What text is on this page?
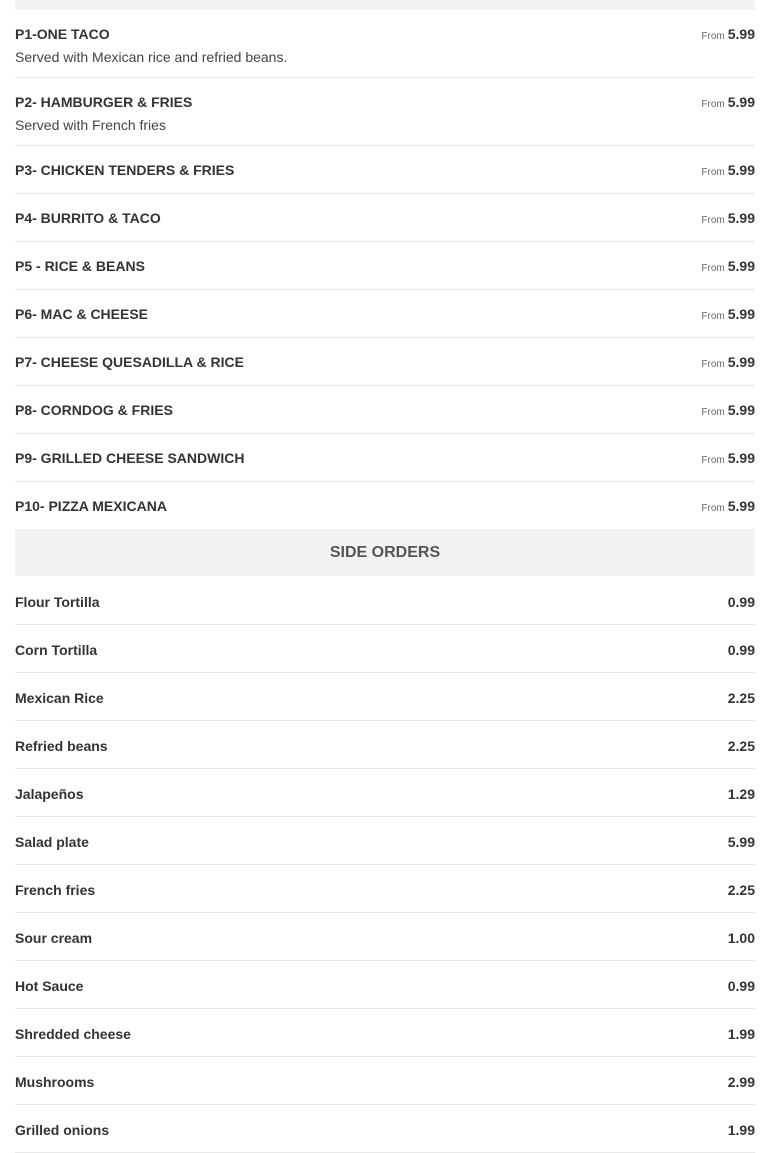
P1-ONE TACO
Served with Mexican rice and refried beans.
From 5.99
P2- HAMBURGER & FRIES
Served with French fries
From 5.99
P3- CHICKEN TENDERS & FRIES	From 5.99
P4- BURRITO & TACO	From 5.99
P5 - RICE & BEANS	From 5.99
P6- MAC & CHEESE	From 5.99
P7- CHEESE QUESADILLA & RICE	From 5.99
P8- CORNDOG & FRIES	From 5.99
P9- GRILLED CHEESE SANDWICH	From 5.99
P10- PIZZA MEXICANA	From 5.99
SIDE ORDERS
Flour Tortilla	0.99
Corn Tortilla	0.99
Mexican Rice	2.25
Refried beans	2.25
Jalapeños	1.29
Salad plate	5.99
French fries	2.25
Sour cream	1.00
Hot Sauce	0.99
Shredded cheese	1.99
Mushrooms	2.99
Grilled onions	1.99
